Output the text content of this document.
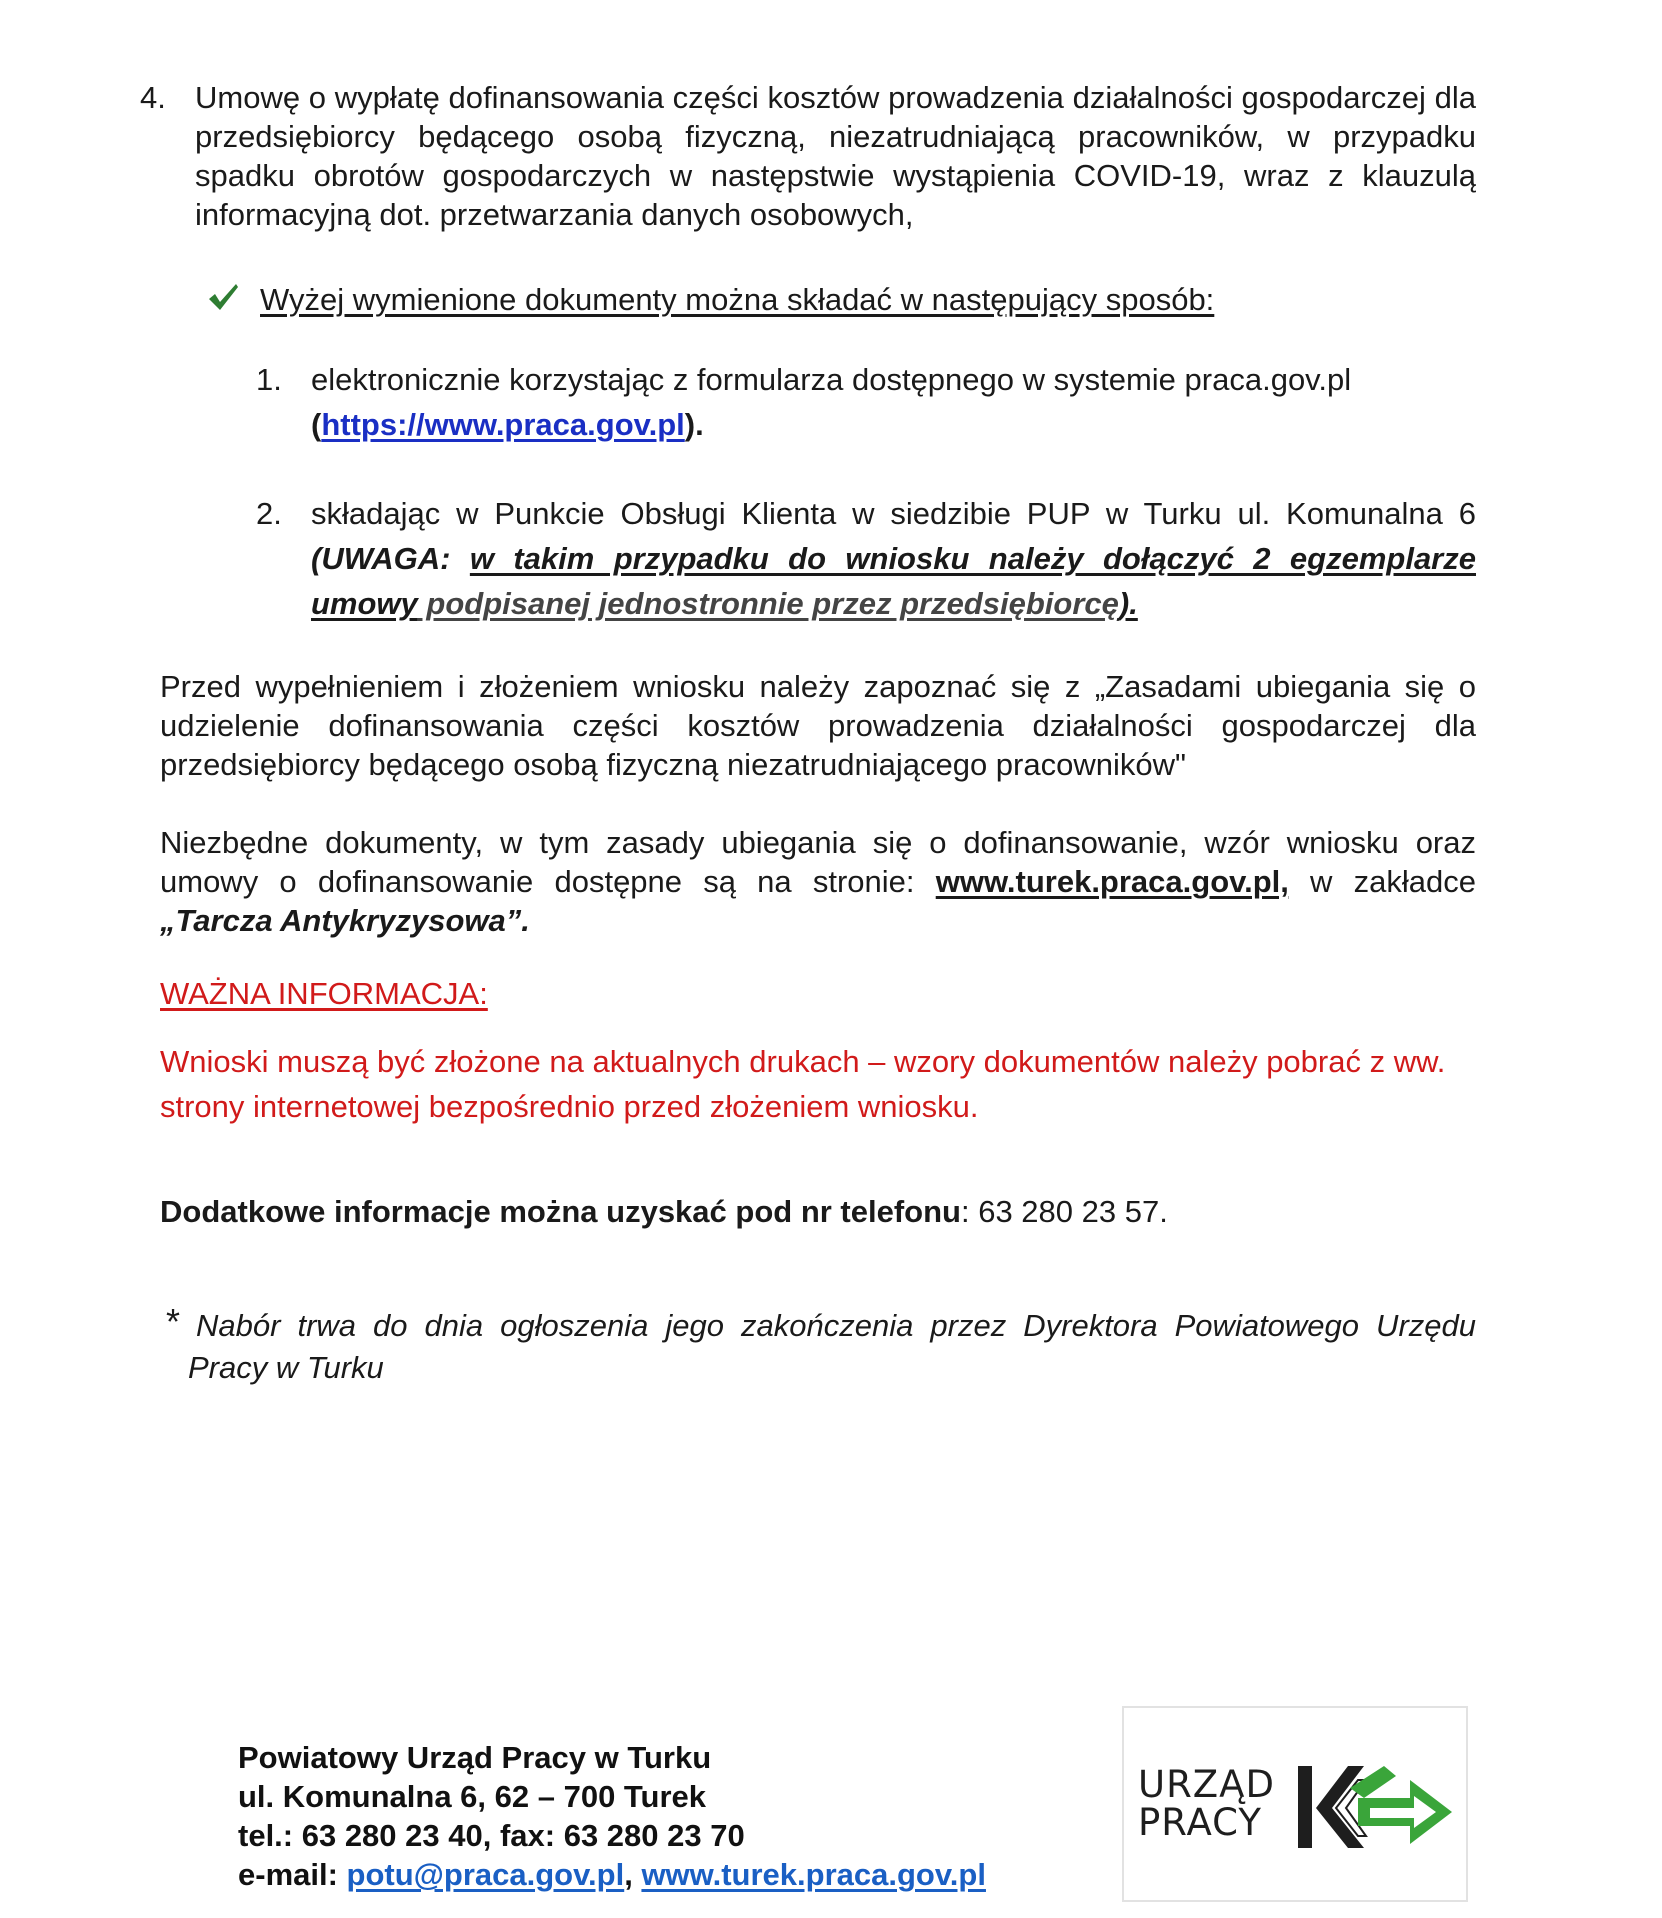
4. Umowę o wypłatę dofinansowania części kosztów prowadzenia działalności gospodarczej dla przedsiębiorcy będącego osobą fizyczną, niezatrudniającą pracowników, w przypadku spadku obrotów gospodarczych w następstwie wystąpienia COVID-19, wraz z klauzulą informacyjną dot. przetwarzania danych osobowych,
Wyżej wymienione dokumenty można składać w następujący sposób:
1. elektronicznie korzystając z formularza dostępnego w systemie praca.gov.pl
(https://www.praca.gov.pl).
2. składając w Punkcie Obsługi Klienta w siedzibie PUP w Turku ul. Komunalna 6 (UWAGA: w takim przypadku do wniosku należy dołączyć 2 egzemplarze umowy podpisanej jednostronnie przez przedsiębiorcę).
Przed wypełnieniem i złożeniem wniosku należy zapoznać się z „Zasadami ubiegania się o udzielenie dofinansowania części kosztów prowadzenia działalności gospodarczej dla przedsiębiorcy będącego osobą fizyczną niezatrudniającego pracowników"
Niezbędne dokumenty, w tym zasady ubiegania się o dofinansowanie, wzór wniosku oraz umowy o dofinansowanie dostępne są na stronie: www.turek.praca.gov.pl, w zakładce „Tarcza Antykryzysowa”.
WAŻNA INFORMACJA:
Wnioski muszą być złożone na aktualnych drukach – wzory dokumentów należy pobrać z ww. strony internetowej bezpośrednio przed złożeniem wniosku.
Dodatkowe informacje można uzyskać pod nr telefonu: 63 280 23 57.
* Nabór trwa do dnia ogłoszenia jego zakończenia przez Dyrektora Powiatowego Urzędu Pracy w Turku
Powiatowy Urząd Pracy w Turku
ul. Komunalna 6, 62 – 700 Turek
tel.: 63 280 23 40, fax: 63 280 23 70
e-mail: potu@praca.gov.pl, www.turek.praca.gov.pl
URZĄD
PRACY
